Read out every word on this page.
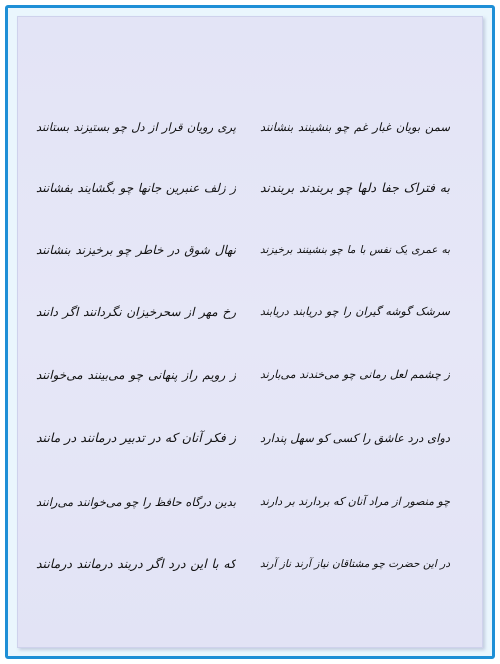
سمن بویان غبار غم چو بنشینند بنشانند
پری رویان قرار از دل چو بستیزند بستانند
به فتراک جفا دلها چو بربندند بربندند
ز زلف عنبرین جانها چو بگشایند بفشانند
به عمری یک نفس با ما چو بنشینند برخیزند
نهال شوق در خاطر چو برخیزند بنشانند
سرشک گوشه گیران را چو دریابند دریابند
رخ مهر از سحرخیزان نگردانند اگر دانند
ز چشمم لعل رمانی چو می‌خندند می‌بارند
ز رویم راز پنهانی چو می‌بینند می‌خوانند
دوای درد عاشق را کسی کو سهل پندارد
ز فکر آنان که در تدبیر درمانند در مانند
چو منصور از مراد آنان که بردارند بر دارند
بدین درگاه حافظ را چو می‌خوانند می‌رانند
در این حضرت چو مشتاقان نیاز آرند ناز آرند
که با این درد اگر دربند درمانند درمانند
